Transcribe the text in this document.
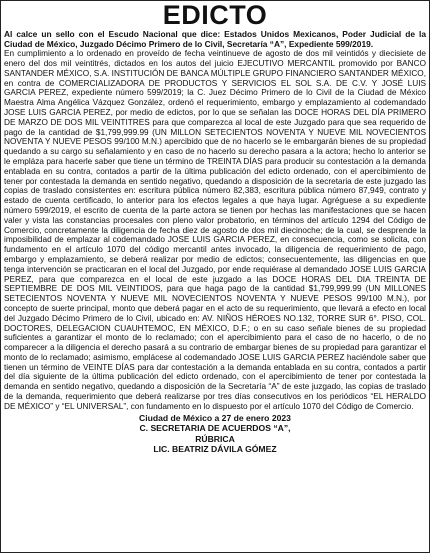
EDICTO

Al calce un sello con el Escudo Nacional que dice: Estados Unidos Mexicanos, Poder Judicial de la Ciudad de México, Juzgado Décimo Primero de lo Civil, Secretaría “A”, Expediente 599/2019.

En cumplimiento a lo ordenado en proveído de fecha veintinueve de agosto de dos mil veintidós y diecisiete de enero del dos mil veintitrés, dictados en los autos del juicio EJECUTIVO MERCANTIL promovido por BANCO SANTANDER MÉXICO, S.A. INSTITUCIÓN DE BANCA MÚLTIPLE GRUPO FINANCIERO SANTANDER MÉXICO, en contra de COMERCIALIZADORA DE PRODUCTOS Y SERVICIOS EL SOL S.A. DE C.V. Y JOSÉ LUIS GARCIA PEREZ, expediente número 599/2019; la C. Juez Décimo Primero de lo Civil de la Ciudad de México Maestra Alma Angélica Vázquez González, ordenó el requerimiento, embargo y emplazamiento al codemandado JOSE LUIS GARCIA PEREZ, por medio de edictos, por lo que se señalan las DOCE HORAS DEL DÍA PRIMERO DE MARZO DE DOS MIL VEINTITRES para que comparezca al local de este Juzgado para que sea requerido de pago de la cantidad de $1,799,999.99 (UN MILLON SETECIENTOS NOVENTA Y NUEVE MIL NOVECIENTOS NOVENTA Y NUEVE PESOS 99/100 M.N.) apercibido que de no hacerlo se le embargarán bienes de su propiedad quedando a su cargo su señalamiento y en caso de no hacerlo su derecho pasara a la actora; hecho lo anterior se le empláza para hacerle saber que tiene un término de TREINTA DÍAS para producir su contestación a la demanda entablada en su contra, contados a partir de la última publicación del edicto ordenado, con el apercibimiento de tener por contestada la demanda en sentido negativo, quedando a disposición de la secretaria de este juzgado las copias de traslado consistentes en: escritura pública número 82,383, escritura pública número 87,949, contrato y estado de cuenta certificado, lo anterior para los efectos legales a que haya lugar. Agréguese a su expediente número 599/2019, el escrito de cuenta de la parte actora se tienen por hechas las manifestaciones que se hacen valer y vista las constancias procesales con pleno valor probatorio, en términos del artículo 1294 del Código de Comercio, concretamente la diligencia de fecha diez de agosto de dos mil diecinoche; de la cual, se desprende la imposibilidad de emplazar al codemandado JOSE LUIS GARCIA PEREZ, en consecuencia, como se solicita, con fundamento en el artículo 1070 del código mercantil antes invocado, la diligencia de requerimiento de pago, embargo y emplazamiento, se deberá realizar por medio de edictos; consecuentemente, las diligencias en que tenga intervención se practicaran en el local del Juzgado, por ende requiérase al demandado JOSE LUIS GARCIA PEREZ, para que comparezca en el local de este juzgado a las DOCE HORAS DEL DIA TREINTA DE SEPTIEMBRE DE DOS MIL VEINTIDOS, para que haga pago de la cantidad $1,799,999.99 (UN MILLONES SETECIENTOS NOVENTA Y NUEVE MIL NOVECIENTOS NOVENTA Y NUEVE PESOS 99/100 M.N.), por concepto de suerte principal, monto que deberá pagar en el acto de su requerimiento, que llevará a efecto en local del Juzgado Décimo Primero de lo Civil, ubicado en: AV. NIÑOS HÉROES NO.132, TORRE SUR 6°. PISO, COL. DOCTORES, DELEGACION CUAUHTEMOC, EN MÉXICO, D.F.; o en su caso señale bienes de su propiedad suficientes a garantizar el monto de lo reclamado; con el apercibimiento para el caso de no hacerlo, o de no comparecer a la diligencia el derecho pasará a su contrario de embargar bienes de su propiedad para garantizar el monto de lo reclamado; asimismo, emplácese al codemandado JOSE LUIS GARCIA PEREZ haciéndole saber que tienen un término de VEINTE DÍAS para dar contestación a la demanda entablada en su contra, contados a partir del día siguiente de la última publicación del edicto ordenado, con el apercibimiento de tener por contestada la demanda en sentido negativo, quedando a disposición de la Secretaría “A” de este juzgado, las copias de traslado de la demanda, requerimiento que deberá realizarse por tres días consecutivos en los periódicos “EL HERALDO DE MÉXICO” y “EL UNIVERSAL”, con fundamento en lo dispuesto por el artículo 1070 del Código de Comercio.

Ciudad de México a 27 de enero 2023
C. SECRETARIA DE ACUERDOS “A”,
RÚBRICA
LIC. BEATRIZ DÁVILA GÓMEZ
